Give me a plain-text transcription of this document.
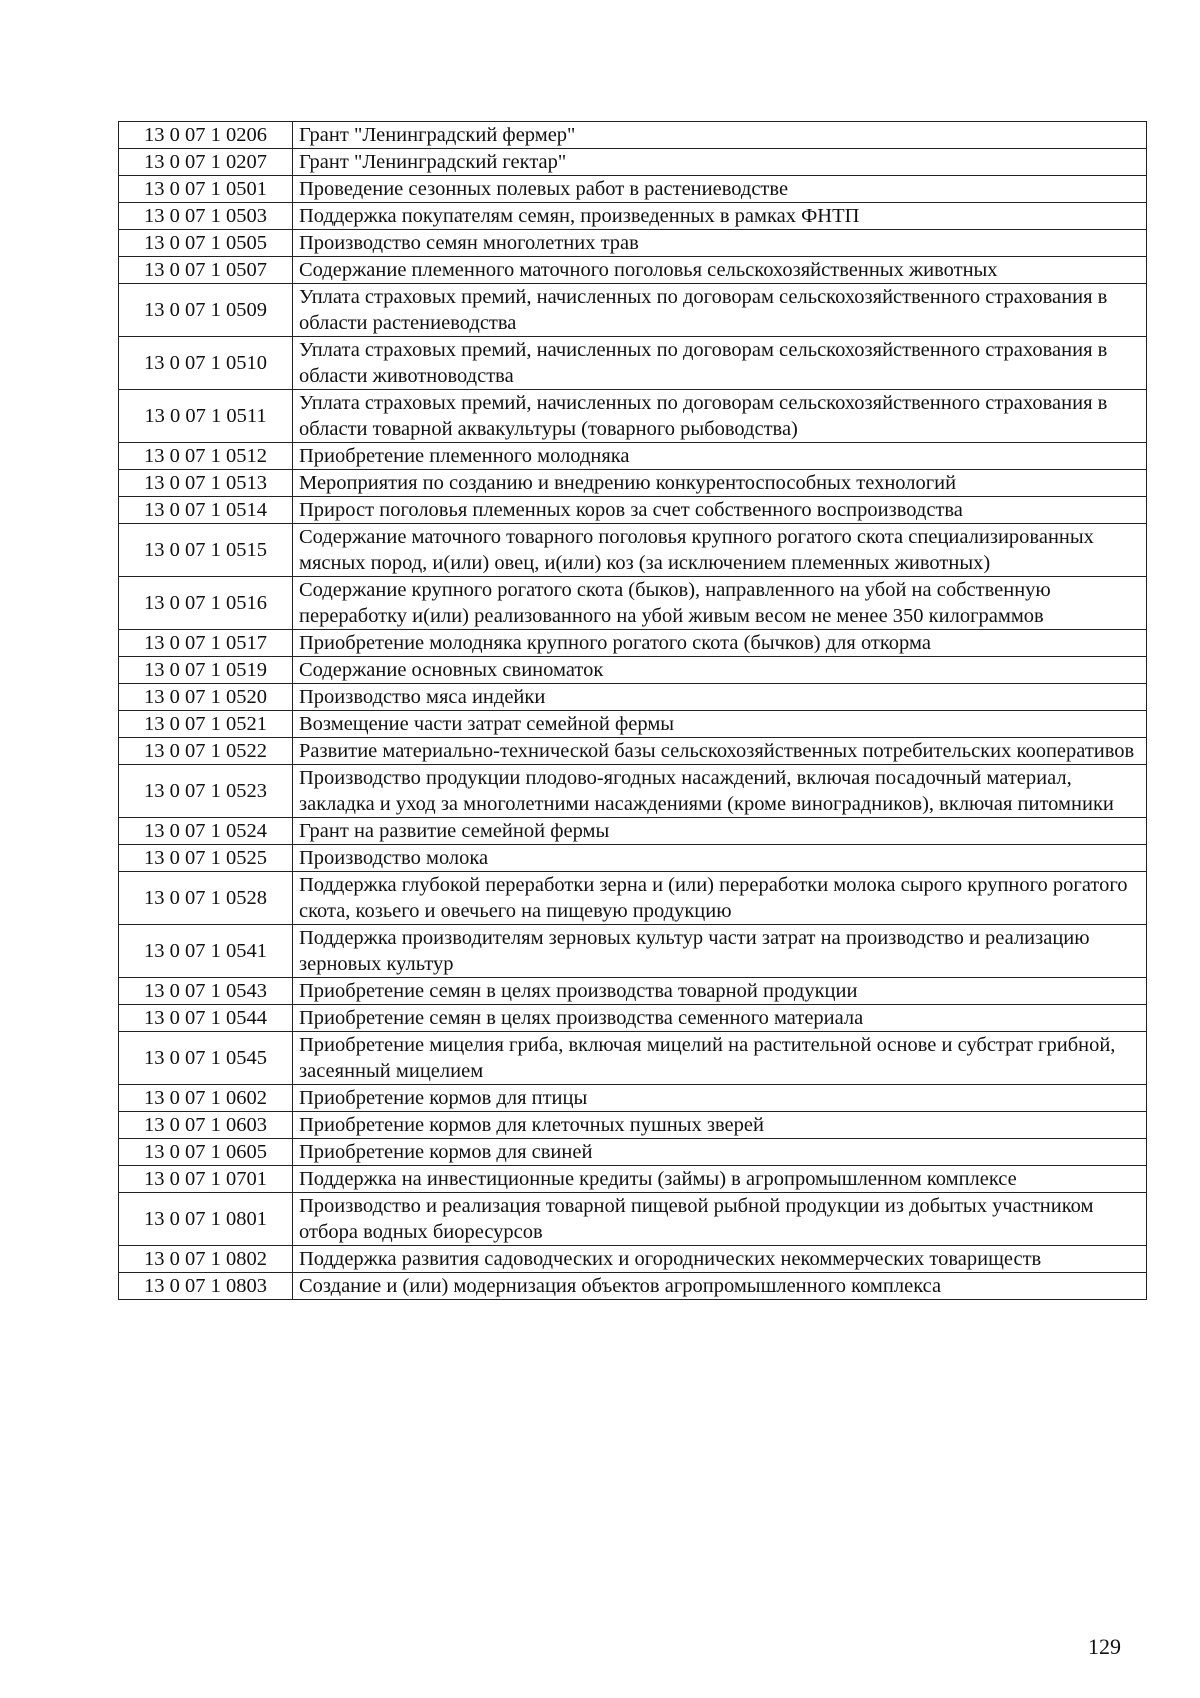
13 0 07 1 0206	Грант "Ленинградский фермер"
13 0 07 1 0207	Грант "Ленинградский гектар"
13 0 07 1 0501	Проведение сезонных полевых работ в растениеводстве
13 0 07 1 0503	Поддержка покупателям семян, произведенных в рамках ФНТП
13 0 07 1 0505	Производство семян многолетних трав
13 0 07 1 0507	Содержание племенного маточного поголовья сельскохозяйственных животных
13 0 07 1 0509	Уплата страховых премий, начисленных по договорам сельскохозяйственного страхования в области растениеводства
13 0 07 1 0510	Уплата страховых премий, начисленных по договорам сельскохозяйственного страхования в области животноводства
13 0 07 1 0511	Уплата страховых премий, начисленных по договорам сельскохозяйственного страхования в области товарной аквакультуры (товарного рыбоводства)
13 0 07 1 0512	Приобретение племенного молодняка
13 0 07 1 0513	Мероприятия по созданию и внедрению конкурентоспособных технологий
13 0 07 1 0514	Прирост поголовья племенных коров за счет собственного воспроизводства
13 0 07 1 0515	Содержание маточного товарного поголовья крупного рогатого скота специализированных мясных пород, и(или) овец, и(или) коз (за исключением племенных животных)
13 0 07 1 0516	Содержание крупного рогатого скота (быков), направленного на убой на собственную переработку и(или) реализованного на убой живым весом не менее 350 килограммов
13 0 07 1 0517	Приобретение молодняка крупного рогатого скота (бычков) для откорма
13 0 07 1 0519	Содержание основных свиноматок
13 0 07 1 0520	Производство мяса индейки
13 0 07 1 0521	Возмещение части затрат семейной фермы
13 0 07 1 0522	Развитие материально-технической базы сельскохозяйственных потребительских кооперативов
13 0 07 1 0523	Производство продукции плодово-ягодных насаждений, включая посадочный материал, закладка и уход за многолетними насаждениями (кроме виноградников), включая питомники
13 0 07 1 0524	Грант на развитие семейной фермы
13 0 07 1 0525	Производство молока
13 0 07 1 0528	Поддержка глубокой переработки зерна и (или) переработки молока сырого крупного рогатого скота, козьего и овечьего на пищевую продукцию
13 0 07 1 0541	Поддержка производителям зерновых культур части затрат на производство и реализацию зерновых культур
13 0 07 1 0543	Приобретение семян в целях производства товарной продукции
13 0 07 1 0544	Приобретение семян в целях производства семенного материала
13 0 07 1 0545	Приобретение мицелия гриба, включая мицелий на растительной основе и субстрат грибной, засеянный мицелием
13 0 07 1 0602	Приобретение кормов для птицы
13 0 07 1 0603	Приобретение кормов для клеточных пушных зверей
13 0 07 1 0605	Приобретение кормов для свиней
13 0 07 1 0701	Поддержка на инвестиционные кредиты (займы) в агропромышленном комплексе
13 0 07 1 0801	Производство и реализация товарной пищевой рыбной продукции из добытых участником отбора водных биоресурсов
13 0 07 1 0802	Поддержка развития садоводческих и огороднических некоммерческих товариществ
13 0 07 1 0803	Создание и (или) модернизация объектов агропромышленного комплекса
129
